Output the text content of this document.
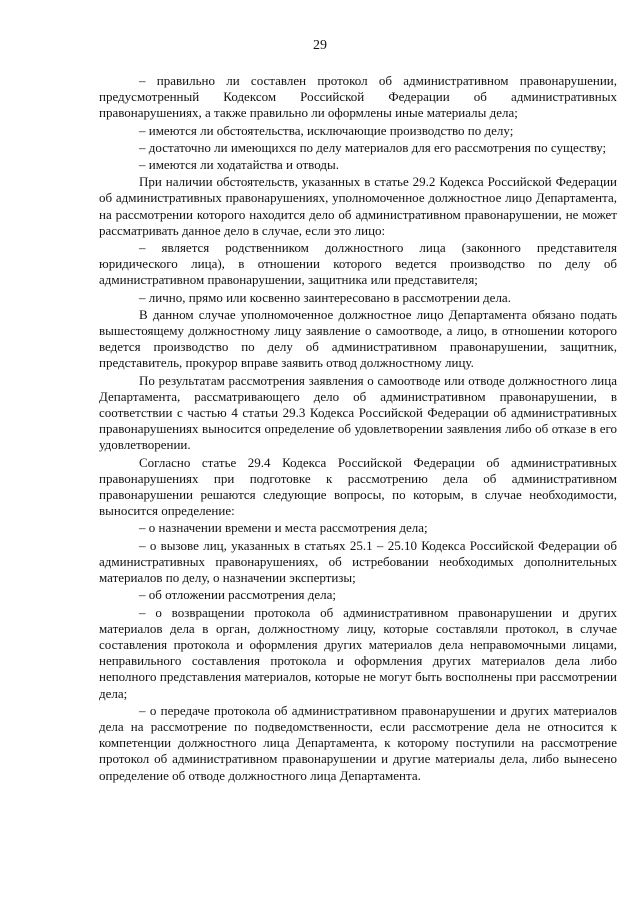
29

– правильно ли составлен протокол об административном правонарушении, предусмотренный Кодексом Российской Федерации об административных правонарушениях, а также правильно ли оформлены иные материалы дела;

– имеются ли обстоятельства, исключающие производство по делу;

– достаточно ли имеющихся по делу материалов для его рассмотрения по существу;

– имеются ли ходатайства и отводы.

При наличии обстоятельств, указанных в статье 29.2 Кодекса Российской Федерации об административных правонарушениях, уполномоченное должностное лицо Департамента, на рассмотрении которого находится дело об административном правонарушении, не может рассматривать данное дело в случае, если это лицо:

– является родственником должностного лица (законного представителя юридического лица), в отношении которого ведется производство по делу об административном правонарушении, защитника или представителя;

– лично, прямо или косвенно заинтересовано в рассмотрении дела.

В данном случае уполномоченное должностное лицо Департамента обязано подать вышестоящему должностному лицу заявление о самоотводе, а лицо, в отношении которого ведется производство по делу об административном правонарушении, защитник, представитель, прокурор вправе заявить отвод должностному лицу.

По результатам рассмотрения заявления о самоотводе или отводе должностного лица Департамента, рассматривающего дело об административном правонарушении, в соответствии с частью 4 статьи 29.3 Кодекса Российской Федерации об административных правонарушениях выносится определение об удовлетворении заявления либо об отказе в его удовлетворении.

Согласно статье 29.4 Кодекса Российской Федерации об административных правонарушениях при подготовке к рассмотрению дела об административном правонарушении решаются следующие вопросы, по которым, в случае необходимости, выносится определение:

– о назначении времени и места рассмотрения дела;

– о вызове лиц, указанных в статьях 25.1 – 25.10 Кодекса Российской Федерации об административных правонарушениях, об истребовании необходимых дополнительных материалов по делу, о назначении экспертизы;

– об отложении рассмотрения дела;

– о возвращении протокола об административном правонарушении и других материалов дела в орган, должностному лицу, которые составляли протокол, в случае составления протокола и оформления других материалов дела неправомочными лицами, неправильного составления протокола и оформления других материалов дела либо неполного представления материалов, которые не могут быть восполнены при рассмотрении дела;

– о передаче протокола об административном правонарушении и других материалов дела на рассмотрение по подведомственности, если рассмотрение дела не относится к компетенции должностного лица Департамента, к которому поступили на рассмотрение протокол об административном правонарушении и другие материалы дела, либо вынесено определение об отводе должностного лица Департамента.
